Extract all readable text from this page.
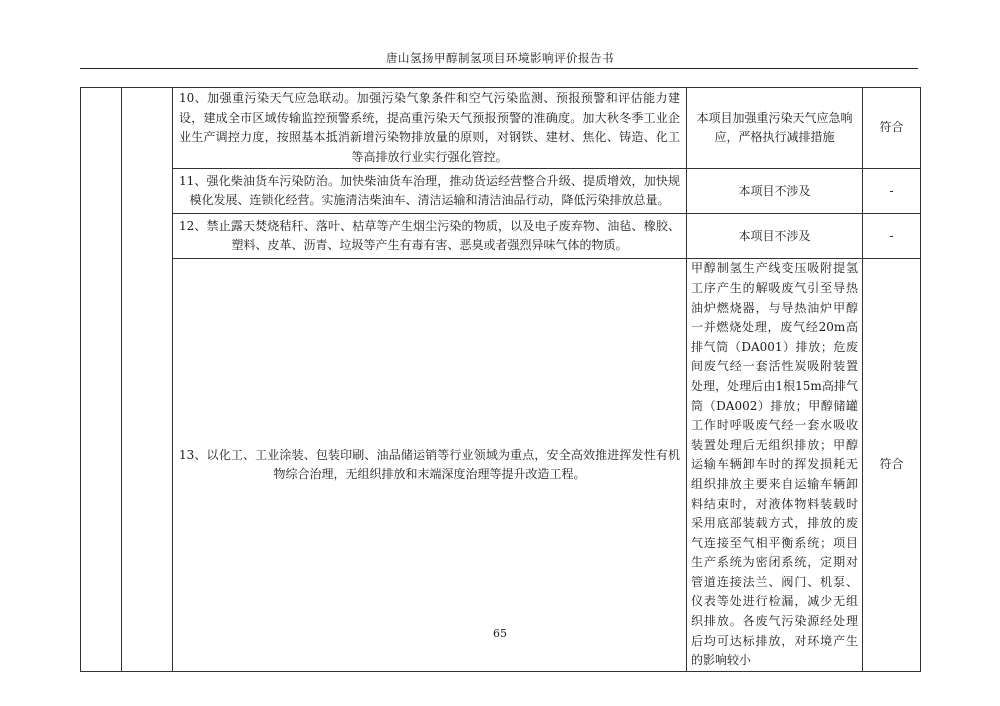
唐山氢扬甲醇制氢项目环境影响评价报告书
		10、加强重污染天气应急联动。加强污染气象条件和空气污染监测、预报预警和评估能力建设，建成全市区域传输监控预警系统，提高重污染天气预报预警的准确度。加大秋冬季工业企业生产调控力度，按照基本抵消新增污染物排放量的原则，对钢铁、建材、焦化、铸造、化工等高排放行业实行强化管控。	本项目加强重污染天气应急响应，严格执行减排措施	符合
		11、强化柴油货车污染防治。加快柴油货车治理，推动货运经营整合升级、提质增效，加快规模化发展、连锁化经营。实施清洁柴油车、清洁运输和清洁油品行动，降低污染排放总量。	本项目不涉及	-
		12、禁止露天焚烧秸秆、落叶、枯草等产生烟尘污染的物质，以及电子废弃物、油毡、橡胶、塑料、皮革、沥青、垃圾等产生有毒有害、恶臭或者强烈异味气体的物质。	本项目不涉及	-
		13、以化工、工业涂装、包装印刷、油品储运销等行业领域为重点，安全高效推进挥发性有机物综合治理，无组织排放和末端深度治理等提升改造工程。	甲醇制氢生产线变压吸附提氢工序产生的解吸废气引至导热油炉燃烧器，与导热油炉甲醇一并燃烧处理，废气经20m高排气筒（DA001）排放；危废间废气经一套活性炭吸附装置处理，处理后由1根15m高排气筒（DA002）排放；甲醇储罐工作时呼吸废气经一套水吸收装置处理后无组织排放；甲醇运输车辆卸车时的挥发损耗无组织排放主要来自运输车辆卸料结束时，对液体物料装载时采用底部装载方式，排放的废气连接至气相平衡系统；项目生产系统为密闭系统，定期对管道连接法兰、阀门、机泵、仪表等处进行检漏，减少无组织排放。各废气污染源经处理后均可达标排放，对环境产生的影响较小	符合
65
